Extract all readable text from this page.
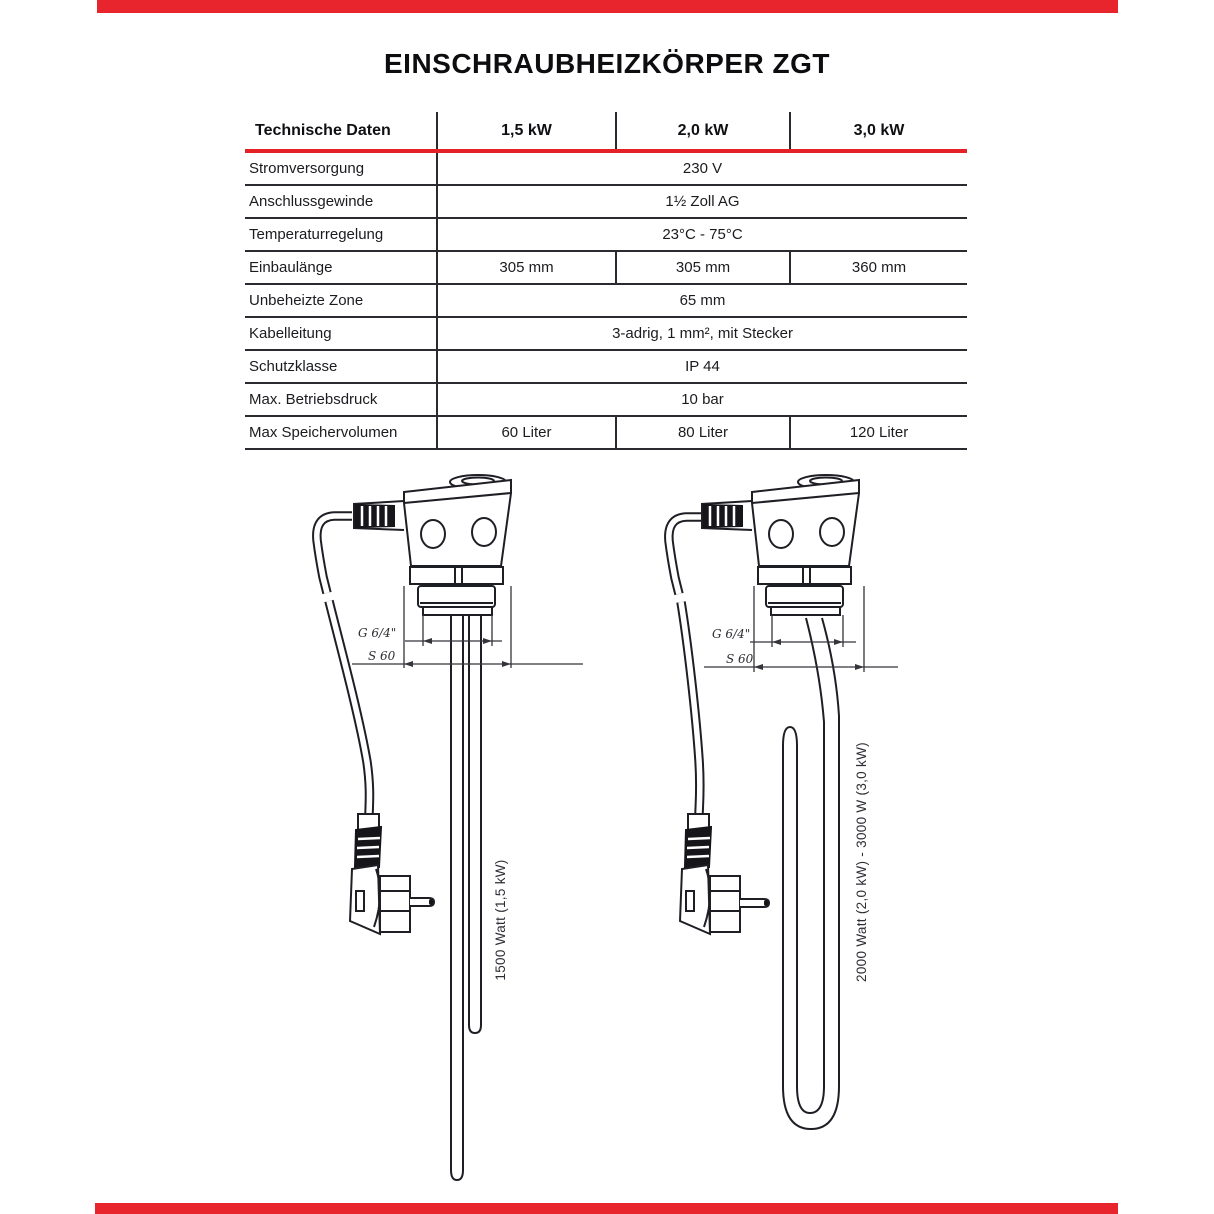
EINSCHRAUBHEIZKÖRPER ZGT
Technische Daten	1,5 kW	2,0 kW	3,0 kW
Stromversorgung	230 V		
Anschlussgewinde	1½ Zoll AG		
Temperaturregelung	23°C - 75°C		
Einbaulänge	305 mm	305 mm	360 mm
Unbeheizte Zone	65 mm		
Kabelleitung	3-adrig, 1 mm², mit Stecker		
Schutzklasse	IP 44		
Max. Betriebsdruck	10 bar		
Max Speichervolumen	60 Liter	80 Liter	120 Liter
G 6/4"
S 60
1500 Watt (1,5 kW)
G 6/4"
S 60
2000 Watt (2,0 kW) - 3000 W (3,0 kW)
